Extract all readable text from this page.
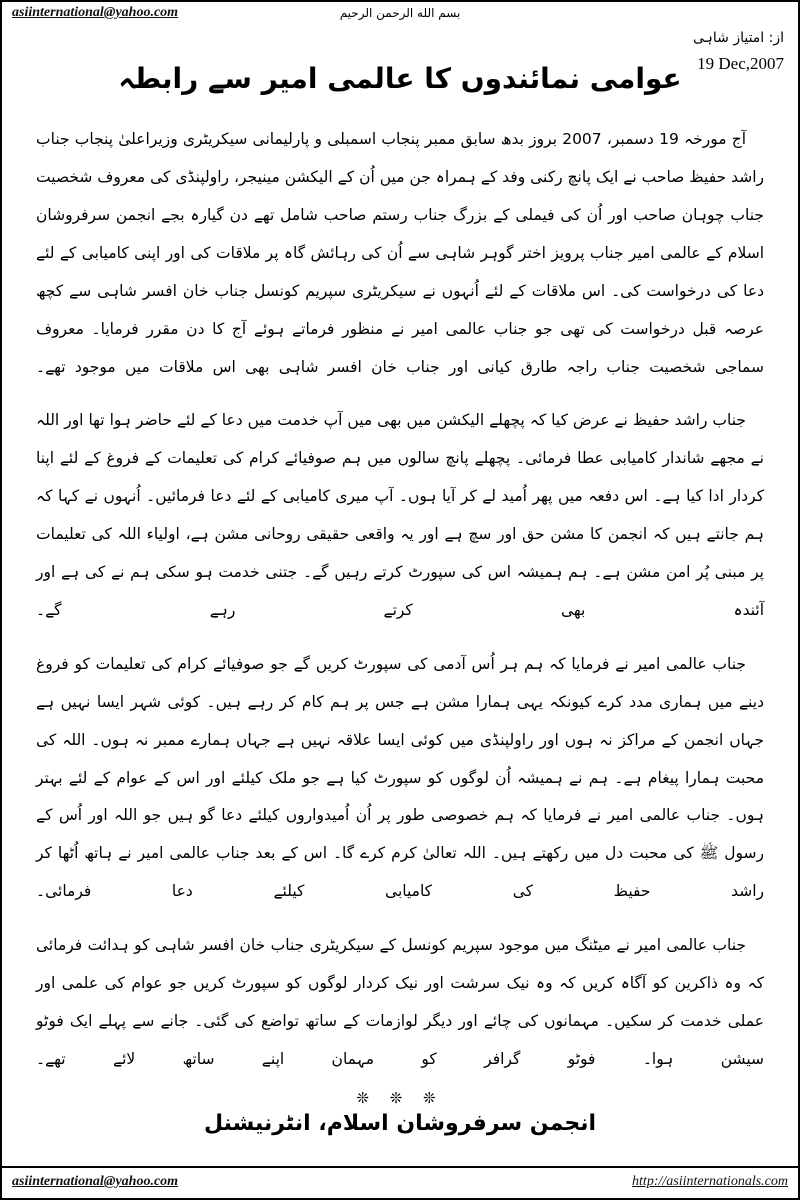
asiinternational@yahoo.com	بسم الله الرحمن الرحيم
از: امتیاز شاہی
19 Dec,2007
عوامی نمائندوں کا عالمی امیر سے رابطہ

آج مورخہ 19 دسمبر، 2007 بروز بدھ سابق ممبر پنجاب اسمبلی و پارلیمانی سیکریٹری وزیراعلیٰ پنجاب جناب راشد حفیظ صاحب نے ایک پانچ رکنی وفد کے ہمراہ جن میں اُن کے الیکشن مینیجر، راولپنڈی کی معروف شخصیت جناب چوہان صاحب اور اُن کی فیملی کے بزرگ جناب رستم صاحب شامل تھے دن گیارہ بجے انجمن سرفروشان اسلام کے عالمی امیر جناب پرویز اختر گوہر شاہی سے اُن کی رہائش گاہ پر ملاقات کی اور اپنی کامیابی کے لئے دعا کی درخواست کی۔ اس ملاقات کے لئے اُنہوں نے سیکریٹری سپریم کونسل جناب خان افسر شاہی سے کچھ عرصہ قبل درخواست کی تھی جو جناب عالمی امیر نے منظور فرماتے ہوئے آج کا دن مقرر فرمایا۔ معروف سماجی شخصیت جناب راجہ طارق کیانی اور جناب خان افسر شاہی بھی اس ملاقات میں موجود تھے۔

جناب راشد حفیظ نے عرض کیا کہ پچھلے الیکشن میں بھی میں آپ خدمت میں دعا کے لئے حاضر ہوا تھا اور اللہ نے مجھے شاندار کامیابی عطا فرمائی۔ پچھلے پانچ سالوں میں ہم صوفیائے کرام کی تعلیمات کے فروغ کے لئے اپنا کردار ادا کیا ہے۔ اس دفعہ میں پھر اُمید لے کر آیا ہوں۔ آپ میری کامیابی کے لئے دعا فرمائیں۔ اُنہوں نے کہا کہ ہم جانتے ہیں کہ انجمن کا مشن حق اور سچ ہے اور یہ واقعی حقیقی روحانی مشن ہے، اولیاء اللہ کی تعلیمات پر مبنی پُر امن مشن ہے۔ ہم ہمیشہ اس کی سپورٹ کرتے رہیں گے۔ جتنی خدمت ہو سکی ہم نے کی ہے اور آئندہ بھی کرتے رہے گے۔

جناب عالمی امیر نے فرمایا کہ ہم ہر اُس آدمی کی سپورٹ کریں گے جو صوفیائے کرام کی تعلیمات کو فروغ دینے میں ہماری مدد کرے کیونکہ یہی ہمارا مشن ہے جس پر ہم کام کر رہے ہیں۔ کوئی شہر ایسا نہیں ہے جہاں انجمن کے مراکز نہ ہوں اور راولپنڈی میں کوئی ایسا علاقہ نہیں ہے جہاں ہمارے ممبر نہ ہوں۔ اللہ کی محبت ہمارا پیغام ہے۔ ہم نے ہمیشہ اُن لوگوں کو سپورٹ کیا ہے جو ملک کیلئے اور اس کے عوام کے لئے بہتر ہوں۔ جناب عالمی امیر نے فرمایا کہ ہم خصوصی طور پر اُن اُمیدواروں کیلئے دعا گو ہیں جو اللہ اور اُس کے رسول ﷺ کی محبت دل میں رکھتے ہیں۔ اللہ تعالیٰ کرم کرے گا۔ اس کے بعد جناب عالمی امیر نے ہاتھ اُٹھا کر راشد حفیظ کی کامیابی کیلئے دعا فرمائی۔

جناب عالمی امیر نے میٹنگ میں موجود سپریم کونسل کے سیکریٹری جناب خان افسر شاہی کو ہدائت فرمائی کہ وہ ذاکرین کو آگاہ کریں کہ وہ نیک سرشت اور نیک کردار لوگوں کو سپورٹ کریں جو عوام کی علمی اور عملی خدمت کر سکیں۔ مہمانوں کی چائے اور دیگر لوازمات کے ساتھ تواضع کی گئی۔ جانے سے پہلے ایک فوٹو سیشن ہوا۔ فوٹو گرافر کو مہمان اپنے ساتھ لائے تھے۔

❊ ❊ ❊
انجمن سرفروشان اسلام، انٹرنیشنل
asiinternational@yahoo.com	http://asiinternationals.com
